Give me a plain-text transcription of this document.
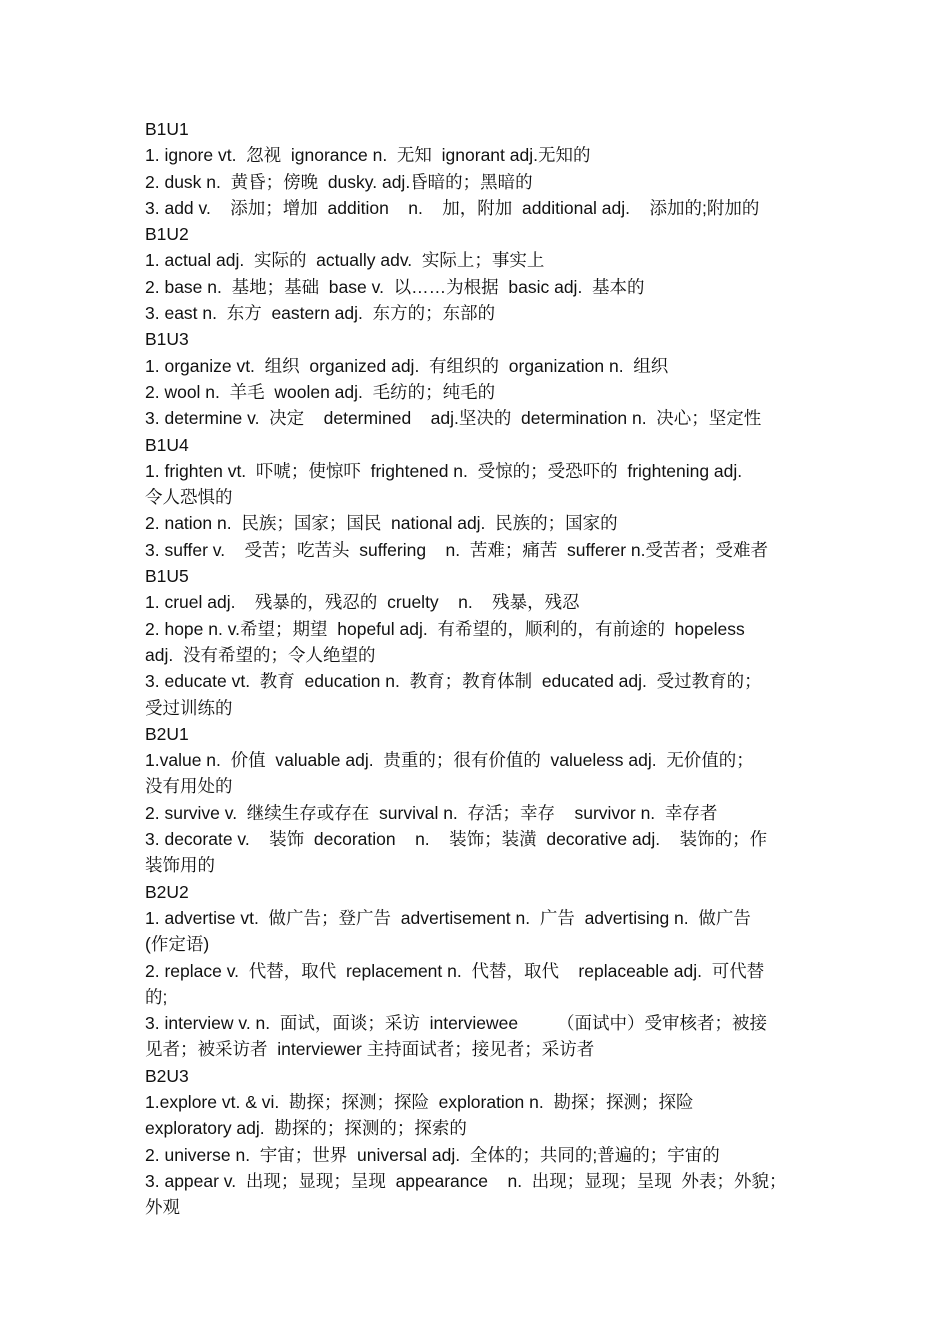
B1U1
1. ignore vt.  忽视  ignorance n.  无知  ignorant adj.无知的
2. dusk n.  黄昏；傍晚  dusky. adj.昏暗的；黑暗的
3. add v.    添加；增加  addition    n.    加，附加  additional adj.    添加的;附加的
B1U2
1. actual adj.  实际的  actually adv.  实际上；事实上
2. base n.  基地；基础  base v.  以……为根据  basic adj.  基本的
3. east n.  东方  eastern adj.  东方的；东部的
B1U3
1. organize vt.  组织  organized adj.  有组织的  organization n.  组织
2. wool n.  羊毛  woolen adj.  毛纺的；纯毛的
3. determine v.  决定    determined    adj.坚决的  determination n.  决心；坚定性
B1U4
1. frighten vt.  吓唬；使惊吓  frightened n.  受惊的；受恐吓的  frightening adj.
令人恐惧的
2. nation n.  民族；国家；国民  national adj.  民族的；国家的
3. suffer v.    受苦；吃苦头  suffering    n.  苦难；痛苦  sufferer n.受苦者；受难者
B1U5
1. cruel adj.    残暴的，残忍的  cruelty    n.    残暴，残忍
2. hope n. v.希望；期望  hopeful adj.  有希望的，顺利的，有前途的  hopeless
adj.  没有希望的；令人绝望的
3. educate vt.  教育  education n.  教育；教育体制  educated adj.  受过教育的；
受过训练的
B2U1
1.value n.  价值  valuable adj.  贵重的；很有价值的  valueless adj.  无价值的；
没有用处的
2. survive v.  继续生存或存在  survival n.  存活；幸存    survivor n.  幸存者
3. decorate v.    装饰  decoration    n.    装饰；装潢  decorative adj.    装饰的；作
装饰用的
B2U2
1. advertise vt.  做广告；登广告  advertisement n.  广告  advertising n.  做广告
(作定语)
2. replace v.  代替，取代  replacement n.  代替，取代    replaceable adj.  可代替
的;
3. interview v. n.  面试，面谈；采访  interviewee        （面试中）受审核者；被接
见者；被采访者  interviewer 主持面试者；接见者；采访者
B2U3
1.explore vt. & vi.  勘探；探测；探险  exploration n.  勘探；探测；探险
exploratory adj.  勘探的；探测的；探索的
2. universe n.  宇宙；世界  universal adj.  全体的；共同的;普遍的；宇宙的
3. appear v.  出现；显现；呈现  appearance    n.  出现；显现；呈现  外表；外貌；
外观
